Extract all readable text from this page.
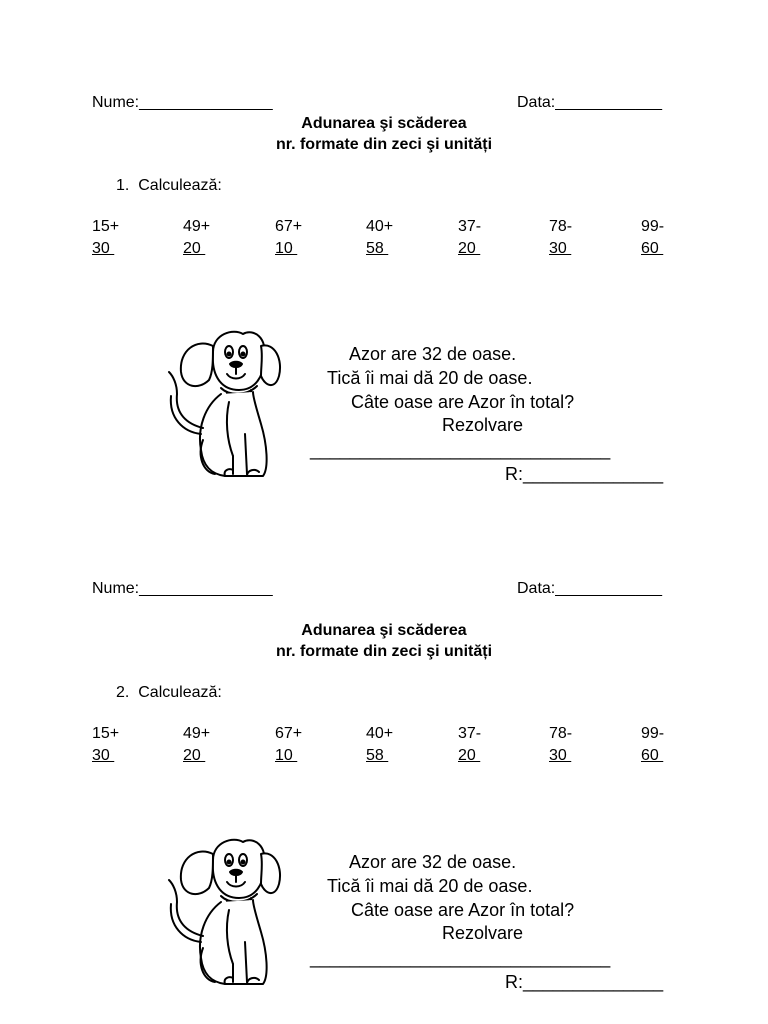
Nume:_______________	Data:____________
Adunarea şi scăderea
nr. formate din zeci şi unități
1.  Calculează:
15+
30
49+
20
67+
10
40+
58
37-
20
78-
30
99-
60
Azor are 32 de oase.
Tică îi mai dă 20 de oase.
Câte oase are Azor în total?
Rezolvare
______________________________
R:______________
Nume:_______________	Data:____________
Adunarea şi scăderea
nr. formate din zeci şi unități
2.  Calculează:
15+
30
49+
20
67+
10
40+
58
37-
20
78-
30
99-
60
Azor are 32 de oase.
Tică îi mai dă 20 de oase.
Câte oase are Azor în total?
Rezolvare
______________________________
R:______________
